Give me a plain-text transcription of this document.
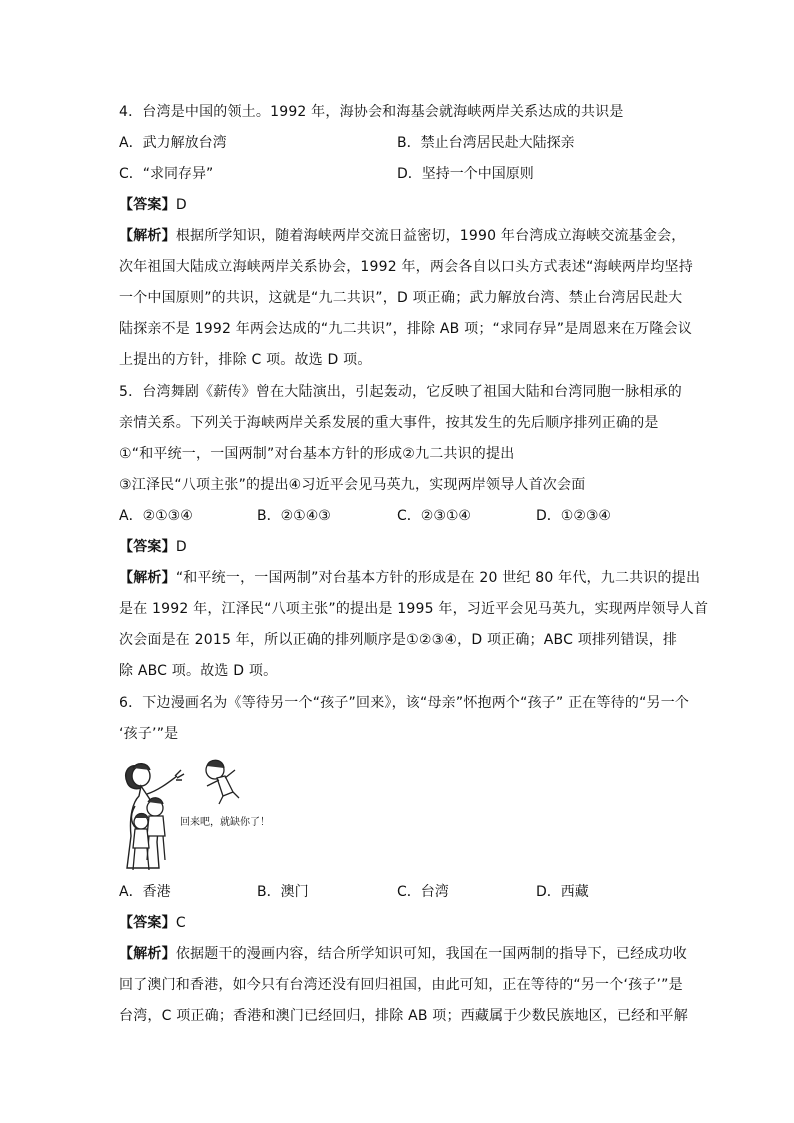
4．台湾是中国的领土。1992 年，海协会和海基会就海峡两岸关系达成的共识是
A．武力解放台湾	B．禁止台湾居民赴大陆探亲
C．“求同存异”	D．坚持一个中国原则
【答案】D
【解析】根据所学知识，随着海峡两岸交流日益密切，1990 年台湾成立海峡交流基金会，
次年祖国大陆成立海峡两岸关系协会，1992 年，两会各自以口头方式表述“海峡两岸均坚持
一个中国原则”的共识，这就是“九二共识”，D 项正确；武力解放台湾、禁止台湾居民赴大
陆探亲不是 1992 年两会达成的“九二共识”，排除 AB 项；“求同存异”是周恩来在万隆会议
上提出的方针，排除 C 项。故选 D 项。
5．台湾舞剧《薪传》曾在大陆演出，引起轰动，它反映了祖国大陆和台湾同胞一脉相承的
亲情关系。下列关于海峡两岸关系发展的重大事件，按其发生的先后顺序排列正确的是
①“和平统一，一国两制”对台基本方针的形成②九二共识的提出
③江泽民“八项主张”的提出④习近平会见马英九，实现两岸领导人首次会面
A．②①③④	B．②①④③	C．②③①④	D．①②③④
【答案】D
【解析】“和平统一，一国两制”对台基本方针的形成是在 20 世纪 80 年代，九二共识的提出
是在 1992 年，江泽民“八项主张”的提出是 1995 年，习近平会见马英九，实现两岸领导人首
次会面是在 2015 年，所以正确的排列顺序是①②③④，D 项正确；ABC 项排列错误，排
除 ABC 项。故选 D 项。
6．下边漫画名为《等待另一个“孩子”回来》，该“母亲”怀抱两个“孩子” 正在等待的“另一个
‘孩子’”是
回来吧，就缺你了！
A．香港	B．澳门	C．台湾	D．西藏
【答案】C
【解析】依据题干的漫画内容，结合所学知识可知，我国在一国两制的指导下，已经成功收
回了澳门和香港，如今只有台湾还没有回归祖国，由此可知，正在等待的“另一个‘孩子’”是
台湾，C 项正确；香港和澳门已经回归，排除 AB 项；西藏属于少数民族地区，已经和平解
